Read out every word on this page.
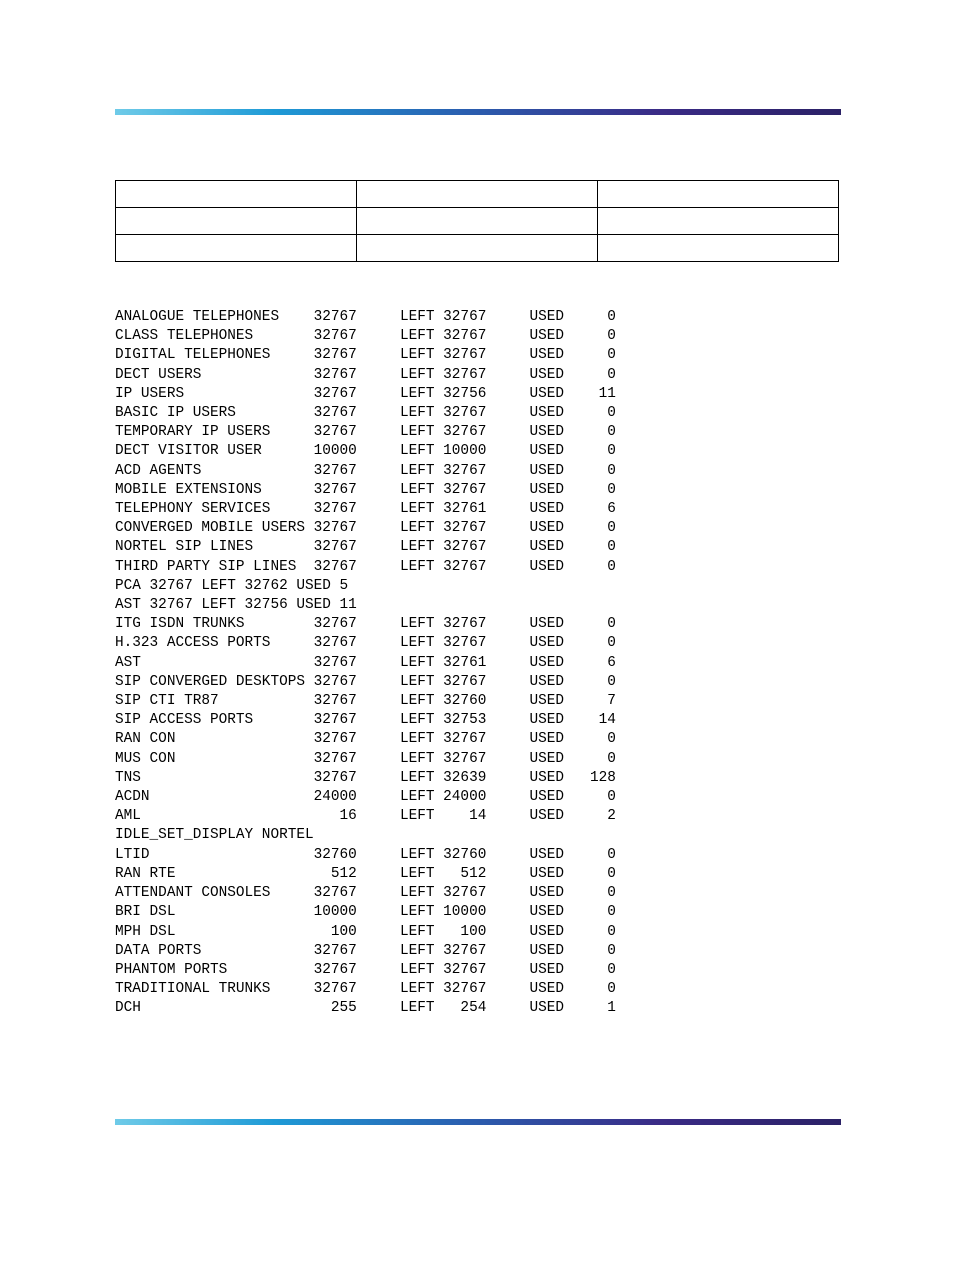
ANALOGUE TELEPHONES    32767     LEFT 32767     USED     0
CLASS TELEPHONES       32767     LEFT 32767     USED     0
DIGITAL TELEPHONES     32767     LEFT 32767     USED     0
DECT USERS             32767     LEFT 32767     USED     0
IP USERS               32767     LEFT 32756     USED    11
BASIC IP USERS         32767     LEFT 32767     USED     0
TEMPORARY IP USERS     32767     LEFT 32767     USED     0
DECT VISITOR USER      10000     LEFT 10000     USED     0
ACD AGENTS             32767     LEFT 32767     USED     0
MOBILE EXTENSIONS      32767     LEFT 32767     USED     0
TELEPHONY SERVICES     32767     LEFT 32761     USED     6
CONVERGED MOBILE USERS 32767     LEFT 32767     USED     0
NORTEL SIP LINES       32767     LEFT 32767     USED     0
THIRD PARTY SIP LINES  32767     LEFT 32767     USED     0
PCA 32767 LEFT 32762 USED 5
AST 32767 LEFT 32756 USED 11
ITG ISDN TRUNKS        32767     LEFT 32767     USED     0
H.323 ACCESS PORTS     32767     LEFT 32767     USED     0
AST                    32767     LEFT 32761     USED     6
SIP CONVERGED DESKTOPS 32767     LEFT 32767     USED     0
SIP CTI TR87           32767     LEFT 32760     USED     7
SIP ACCESS PORTS       32767     LEFT 32753     USED    14
RAN CON                32767     LEFT 32767     USED     0
MUS CON                32767     LEFT 32767     USED     0
TNS                    32767     LEFT 32639     USED   128
ACDN                   24000     LEFT 24000     USED     0
AML                       16     LEFT    14     USED     2
IDLE_SET_DISPLAY NORTEL
LTID                   32760     LEFT 32760     USED     0
RAN RTE                  512     LEFT   512     USED     0
ATTENDANT CONSOLES     32767     LEFT 32767     USED     0
BRI DSL                10000     LEFT 10000     USED     0
MPH DSL                  100     LEFT   100     USED     0
DATA PORTS             32767     LEFT 32767     USED     0
PHANTOM PORTS          32767     LEFT 32767     USED     0
TRADITIONAL TRUNKS     32767     LEFT 32767     USED     0
DCH                      255     LEFT   254     USED     1
